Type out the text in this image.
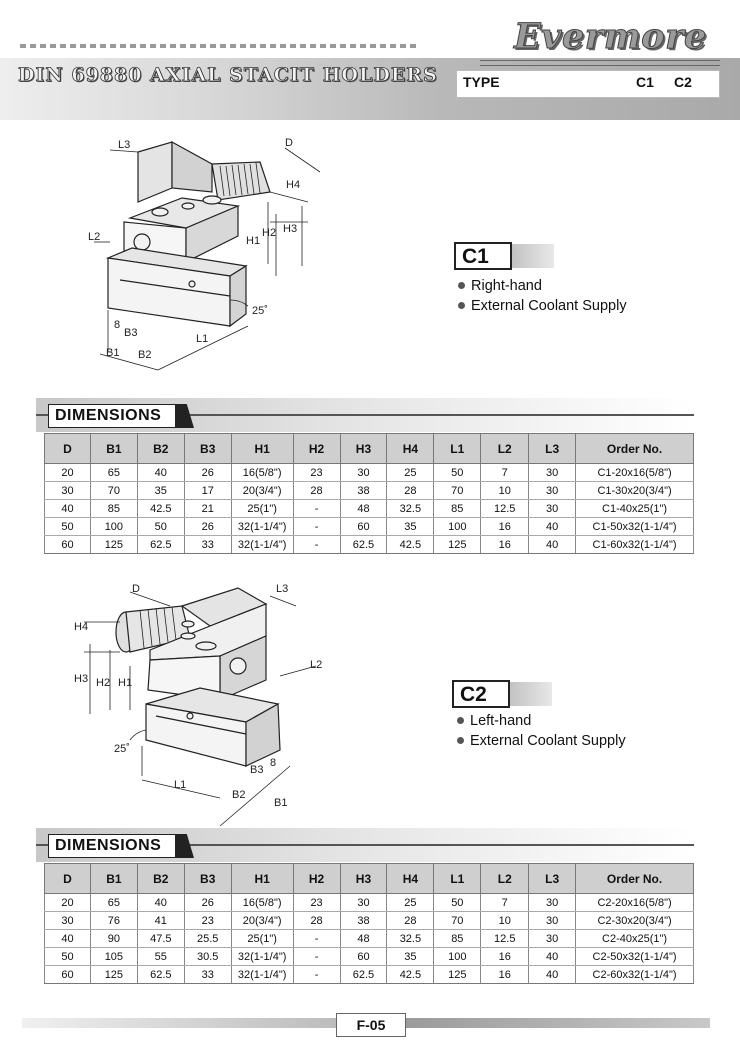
DIN 69880 AXIAL STACIT HOLDERS
Evermore
TYPE	C1 C2
L3	D
H4
L2	H1
H2 H3
25˚
8
B3
B1 B2
L1
C1
Right-hand
External Coolant Supply
DIMENSIONS
D	B1	B2	B3	H1	H2	H3	H4	L1	L2	L3	Order No.
20	65	40	26	16(5/8")	23	30	25	50	7	30	C1-20x16(5/8")
30	70	35	17	20(3/4")	28	38	28	70	10	30	C1-30x20(3/4")
40	85	42.5	21	25(1")	-	48	32.5	85	12.5	30	C1-40x25(1")
50	100	50	26	32(1-1/4")	-	60	35	100	16	40	C1-50x32(1-1/4")
60	125	62.5	33	32(1-1/4")	-	62.5	42.5	125	16	40	C1-60x32(1-1/4")
D	L3
H4
L2
H3 H2 H1
25˚
8
B3
L1
B2
B1
C2
Left-hand
External Coolant Supply
DIMENSIONS
D	B1	B2	B3	H1	H2	H3	H4	L1	L2	L3	Order No.
20	65	40	26	16(5/8")	23	30	25	50	7	30	C2-20x16(5/8")
30	76	41	23	20(3/4")	28	38	28	70	10	30	C2-30x20(3/4")
40	90	47.5	25.5	25(1")	-	48	32.5	85	12.5	30	C2-40x25(1")
50	105	55	30.5	32(1-1/4")	-	60	35	100	16	40	C2-50x32(1-1/4")
60	125	62.5	33	32(1-1/4")	-	62.5	42.5	125	16	40	C2-60x32(1-1/4")
F-05
